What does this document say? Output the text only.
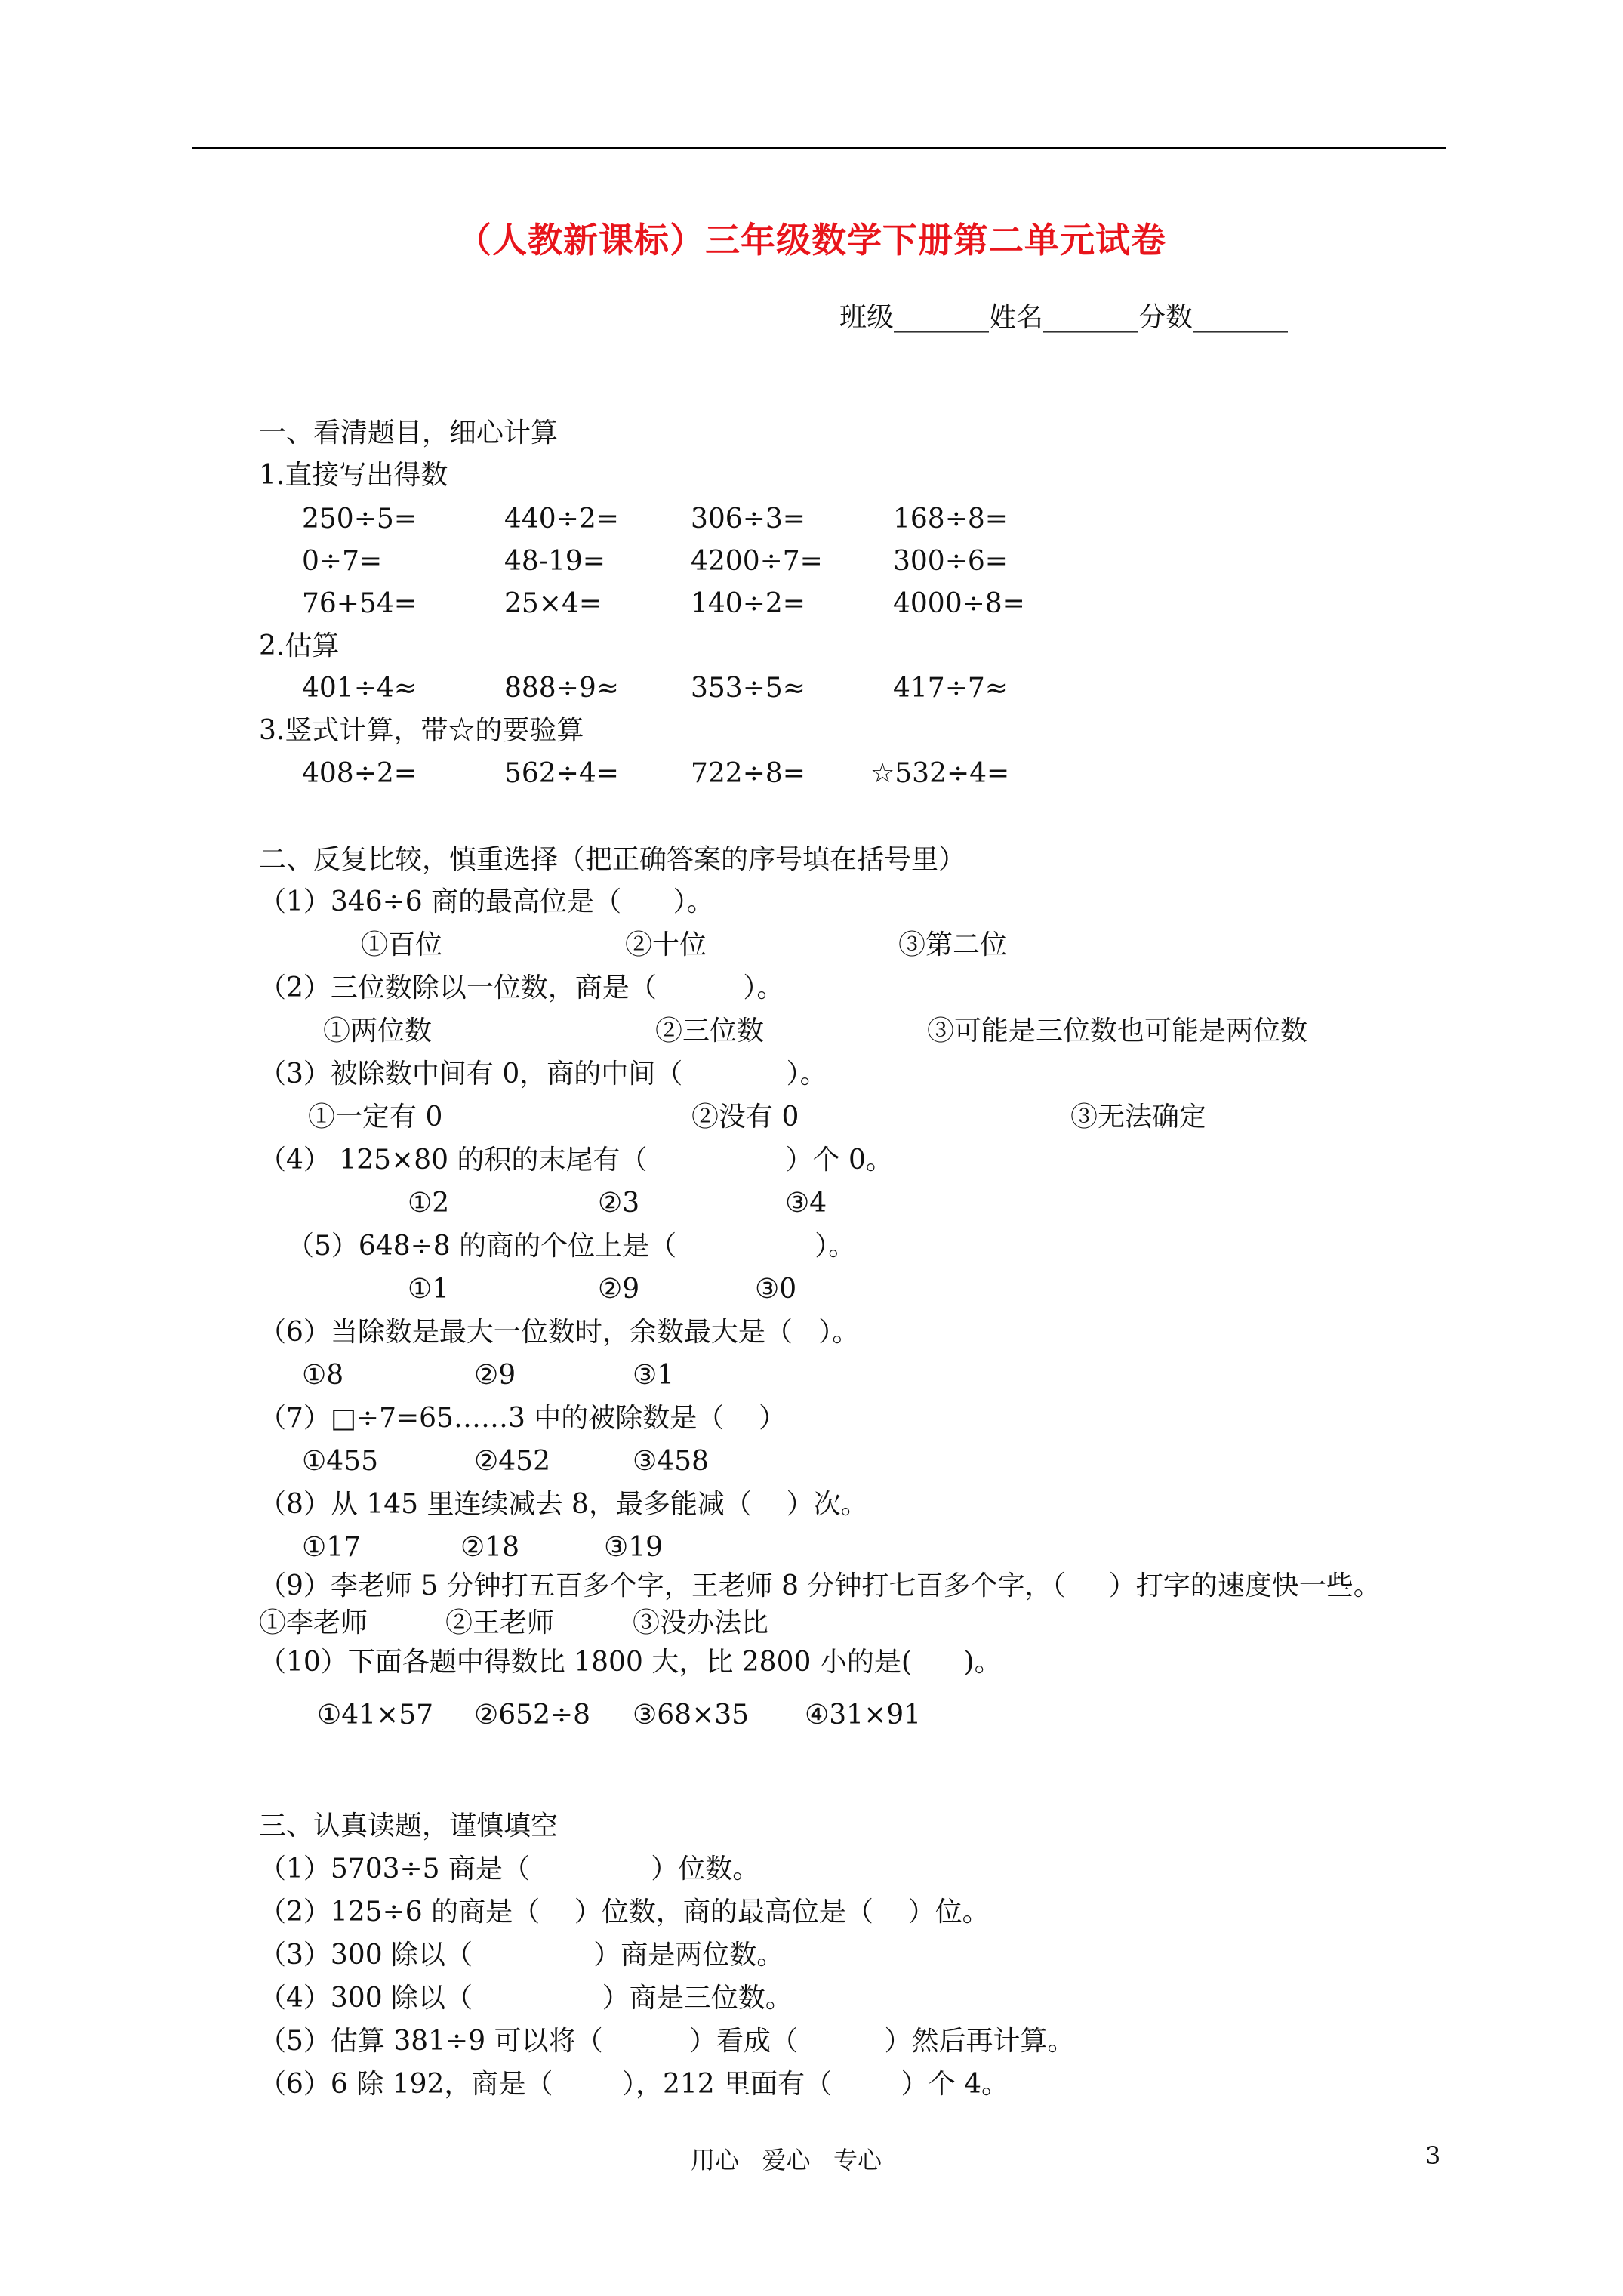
（人教新课标）三年级数学下册第二单元试卷
班级_______姓名_______分数_______
一、看清题目，细心计算
1.直接写出得数
250÷5=	440÷2=	306÷3=	168÷8=
0÷7=	48-19=	4200÷7=	300÷6=
76+54=	25×4=	140÷2=	4000÷8=
2.估算
401÷4≈	888÷9≈	353÷5≈	417÷7≈
3.竖式计算，带☆的要验算
408÷2=	562÷4=	722÷8= ☆532÷4=
二、反复比较，慎重选择（把正确答案的序号填在括号里）
（1）346÷6 商的最高位是（      ）。
①百位	②十位	③第二位
（2）三位数除以一位数，商是（          ）。
①两位数	②三位数	③可能是三位数也可能是两位数
（3）被除数中间有 0，商的中间（            ）。
①一定有 0	②没有 0	③无法确定
（4） 125×80 的积的末尾有（                ）个 0。
①2	②3	③4
（5）648÷8 的商的个位上是（                ）。
①1	②9	③0
（6）当除数是最大一位数时，余数最大是（   ）。
①8	②9	③1
（7）□÷7=65……3 中的被除数是（    ）
①455	②452	③458
（8）从 145 里连续减去 8，最多能减（    ）次。
①17	②18	③19
（9）李老师 5 分钟打五百多个字，王老师 8 分钟打七百多个字，（     ）打字的速度快一些。
①李老师	②王老师	③没办法比
（10）下面各题中得数比 1800 大，比 2800 小的是(      )。
①41×57 ②652÷8 ③68×35 ④31×91
三、认真读题，谨慎填空
（1）5703÷5 商是（              ）位数。
（2）125÷6 的商是（    ）位数，商的最高位是（    ）位。
（3）300 除以（              ）商是两位数。
（4）300 除以（               ）商是三位数。
（5）估算 381÷9 可以将（          ）看成（          ）然后再计算。
（6）6 除 192，商是（        ），212 里面有（        ）个 4。
用心   爱心   专心	3
